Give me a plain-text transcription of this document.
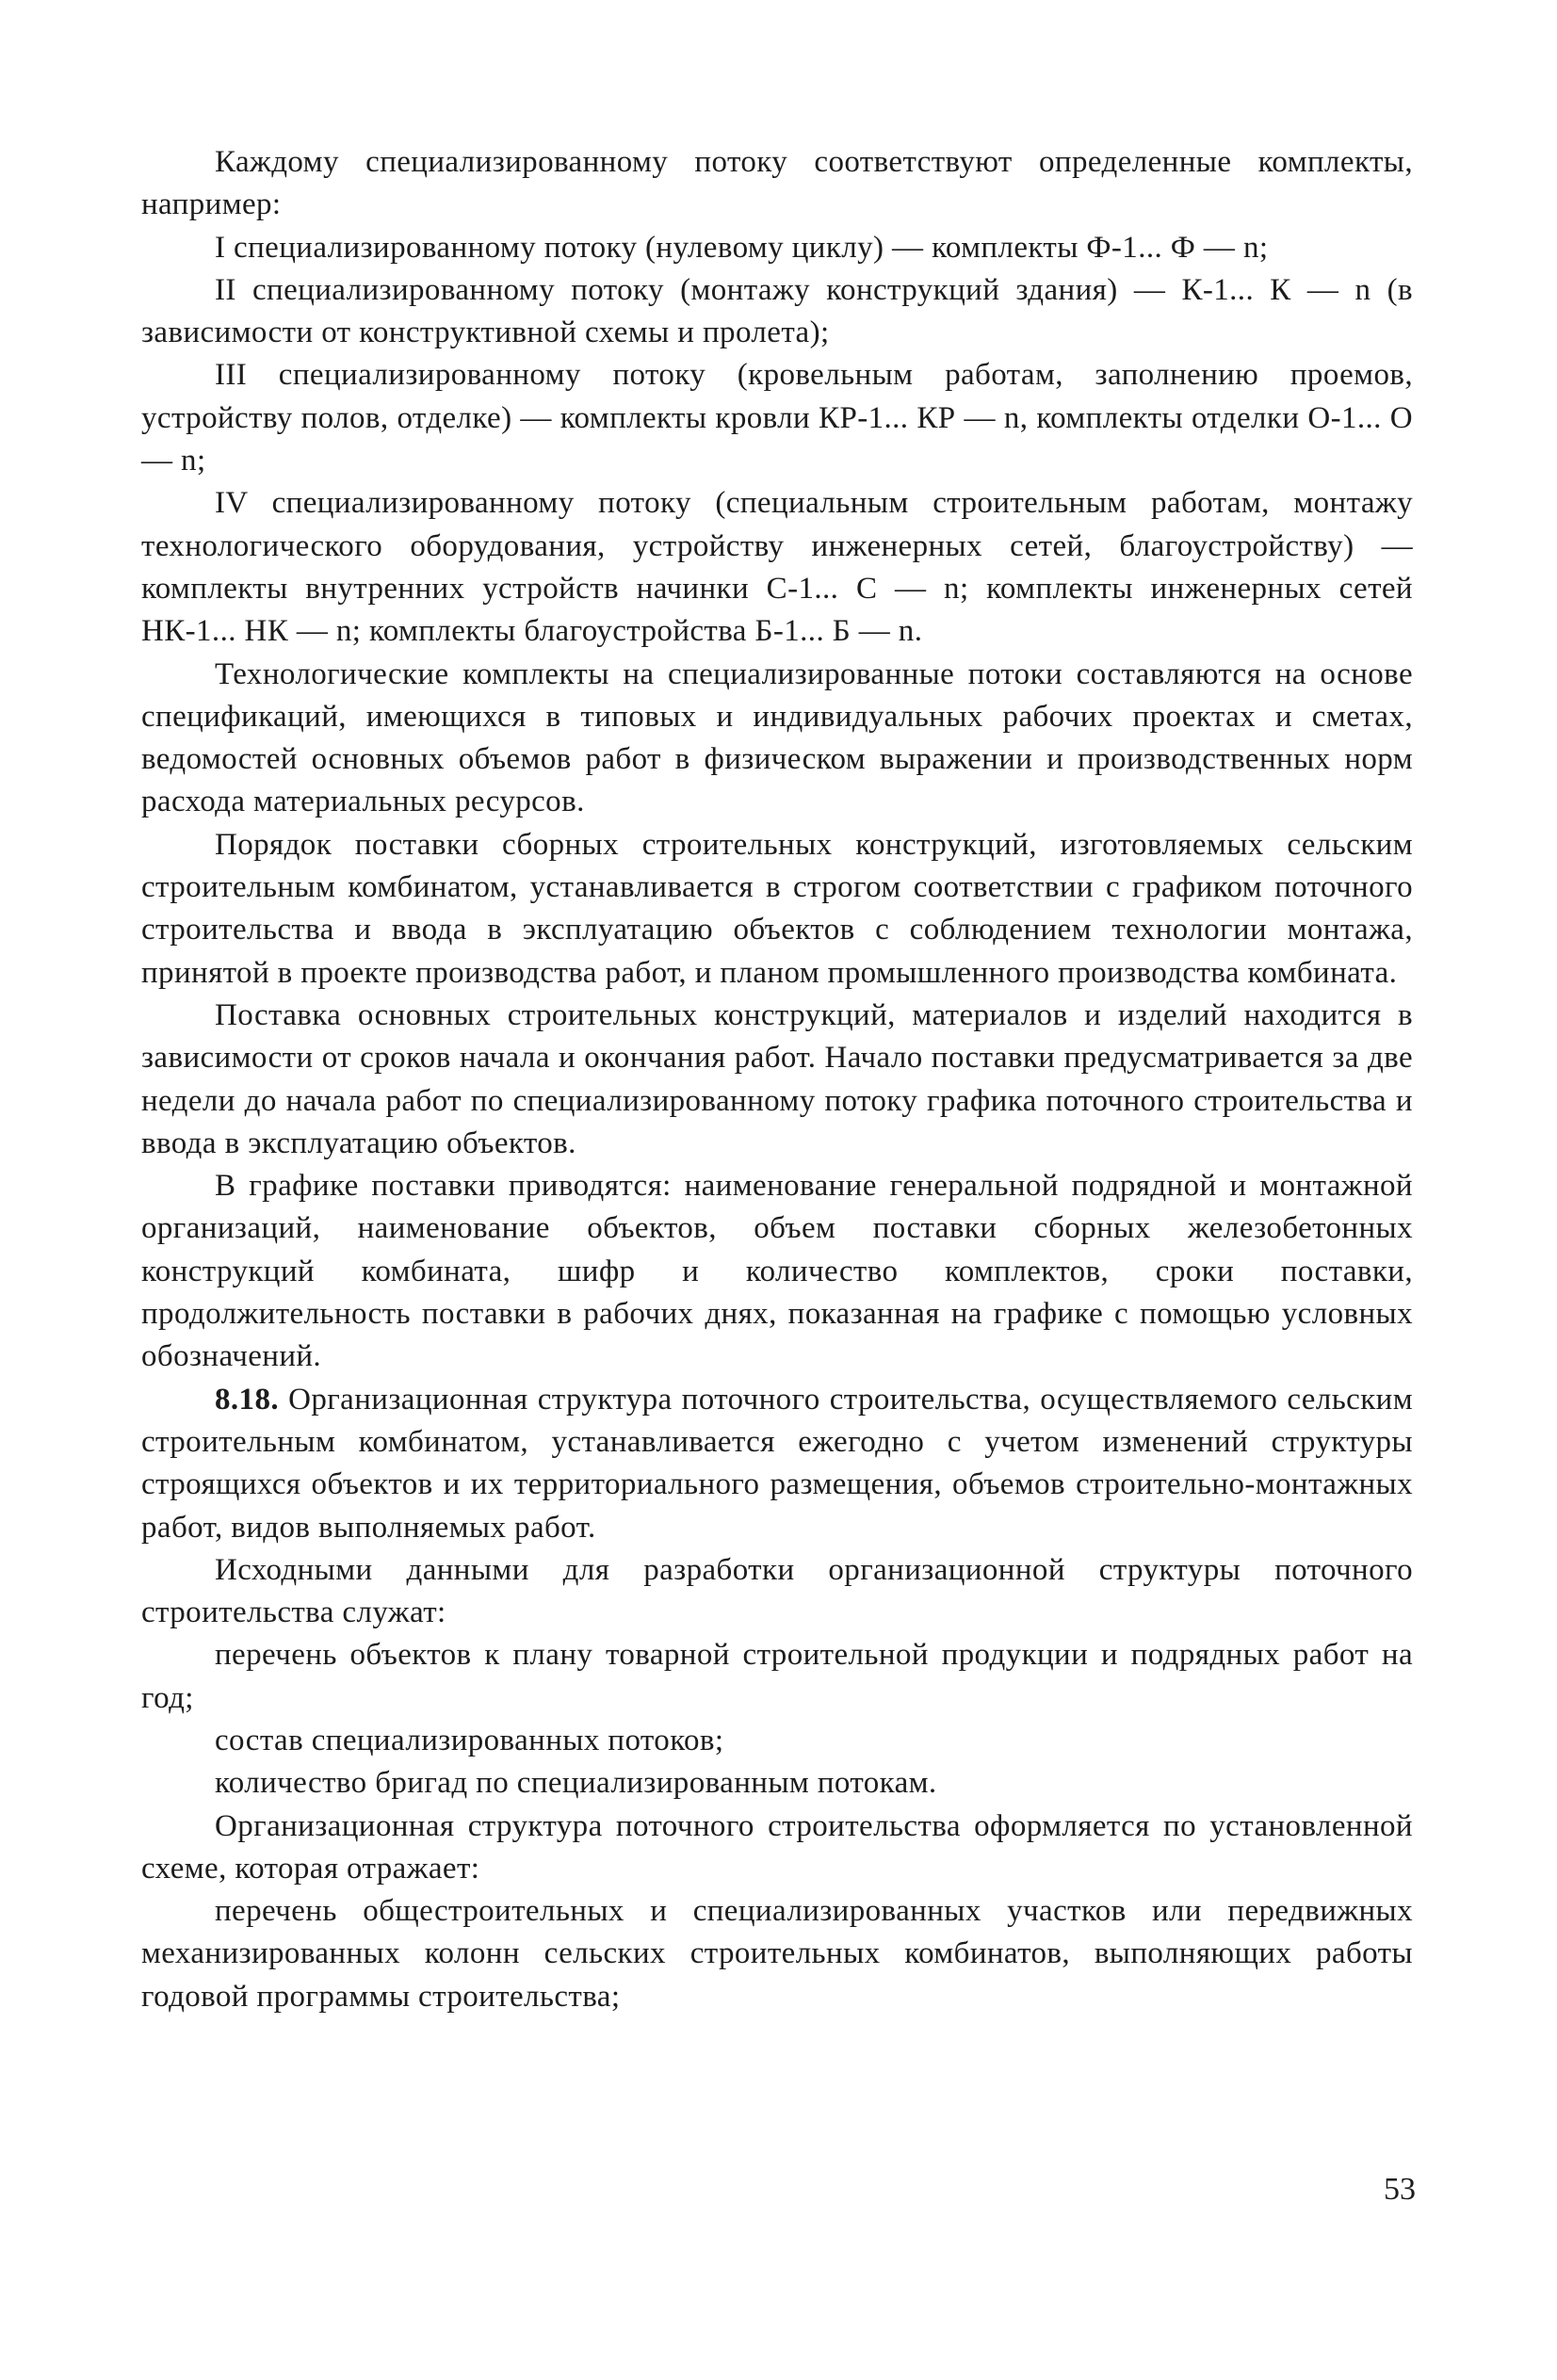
Каждому специализированному потоку соответствуют определенные комплекты, например:

I специализированному потоку (нулевому циклу) — комплекты Ф-1... Ф — n;

II специализированному потоку (монтажу конструкций здания) — К-1... К — n (в зависимости от конструктивной схемы и пролета);

III специализированному потоку (кровельным работам, заполнению проемов, устройству полов, отделке) — комплекты кровли КР-1... КР — n, комплекты отделки О-1... О — n;

IV специализированному потоку (специальным строительным работам, монтажу технологического оборудования, устройству инженерных сетей, благоустройству) — комплекты внутренних устройств начинки С-1... С — n; комплекты инженерных сетей НК-1... НК — n; комплекты благоустройства Б-1... Б — n.

Технологические комплекты на специализированные потоки составляются на основе спецификаций, имеющихся в типовых и индивидуальных рабочих проектах и сметах, ведомостей основных объемов работ в физическом выражении и производственных норм расхода материальных ресурсов.

Порядок поставки сборных строительных конструкций, изготовляемых сельским строительным комбинатом, устанавливается в строгом соответствии с графиком поточного строительства и ввода в эксплуатацию объектов с соблюдением технологии монтажа, принятой в проекте производства работ, и планом промышленного производства комбината.

Поставка основных строительных конструкций, материалов и изделий находится в зависимости от сроков начала и окончания работ. Начало поставки предусматривается за две недели до начала работ по специализированному потоку графика поточного строительства и ввода в эксплуатацию объектов.

В графике поставки приводятся: наименование генеральной подрядной и монтажной организаций, наименование объектов, объем поставки сборных железобетонных конструкций комбината, шифр и количество комплектов, сроки поставки, продолжительность поставки в рабочих днях, показанная на графике с помощью условных обозначений.

8.18. Организационная структура поточного строительства, осуществляемого сельским строительным комбинатом, устанавливается ежегодно с учетом изменений структуры строящихся объектов и их территориального размещения, объемов строительно-монтажных работ, видов выполняемых работ.

Исходными данными для разработки организационной структуры поточного строительства служат:

перечень объектов к плану товарной строительной продукции и подрядных работ на год;

состав специализированных потоков;

количество бригад по специализированным потокам.

Организационная структура поточного строительства оформляется по установленной схеме, которая отражает:

перечень общестроительных и специализированных участков или передвижных механизированных колонн сельских строительных комбинатов, выполняющих работы годовой программы строительства;

53
